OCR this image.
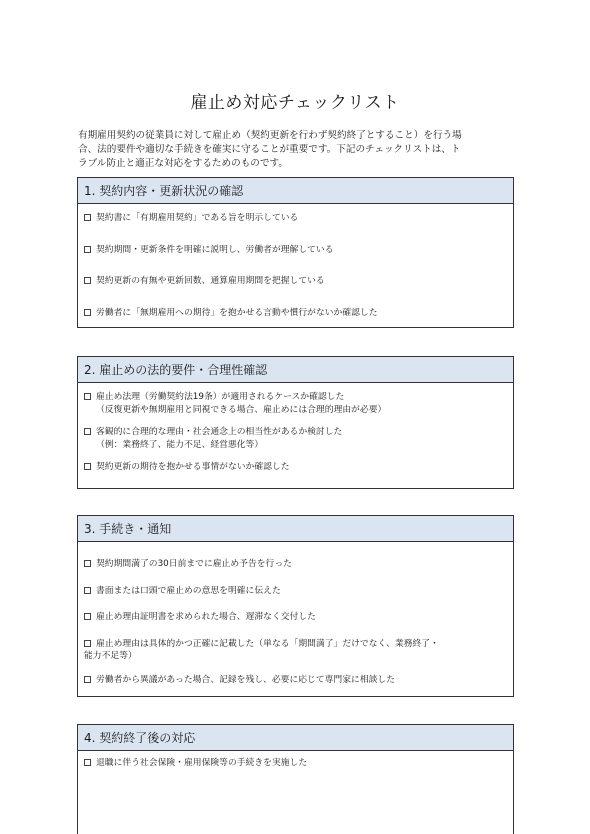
雇止め対応チェックリスト
有期雇用契約の従業員に対して雇止め（契約更新を行わず契約終了とすること）を行う場
合、法的要件や適切な手続きを確実に守ることが重要です。下記のチェックリストは、ト
ラブル防止と適正な対応をするためのものです。
1. 契約内容・更新状況の確認
契約書に「有期雇用契約」である旨を明示している
契約期間・更新条件を明確に説明し、労働者が理解している
契約更新の有無や更新回数、通算雇用期間を把握している
労働者に「無期雇用への期待」を抱かせる言動や慣行がないか確認した
2. 雇止めの法的要件・合理性確認
雇止め法理（労働契約法19条）が適用されるケースか確認した
（反復更新や無期雇用と同視できる場合、雇止めには合理的理由が必要）
客観的に合理的な理由・社会通念上の相当性があるか検討した
（例：業務終了、能力不足、経営悪化等）
契約更新の期待を抱かせる事情がないか確認した
3. 手続き・通知
契約期間満了の30日前までに雇止め予告を行った
書面または口頭で雇止めの意思を明確に伝えた
雇止め理由証明書を求められた場合、遅滞なく交付した
雇止め理由は具体的かつ正確に記載した（単なる「期間満了」だけでなく、業務終了・
能力不足等）
労働者から異議があった場合、記録を残し、必要に応じて専門家に相談した
4. 契約終了後の対応
退職に伴う社会保険・雇用保険等の手続きを実施した
